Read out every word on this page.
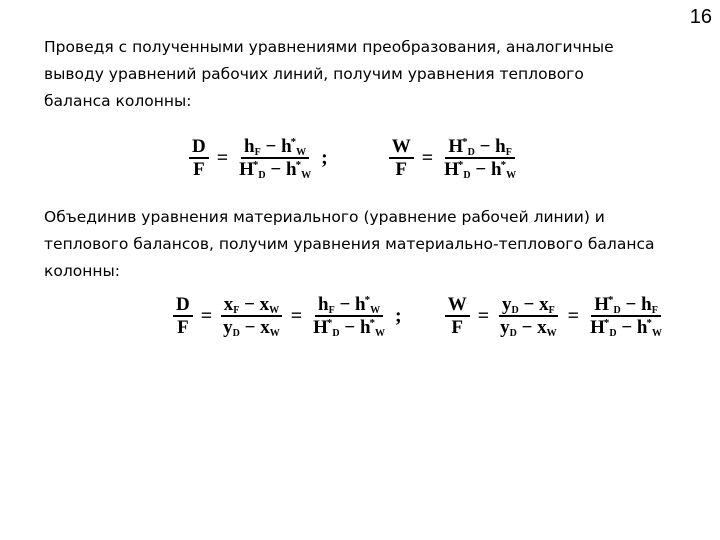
16
Проведя с полученными уравнениями преобразования, аналогичные
выводу уравнений рабочих линий, получим уравнения теплового
баланса колонны:
$\frac{D}{F} = \frac{h_F - h^*_W}{H^*_D - h^*_W}$ ;	$\frac{W}{F} = \frac{H^*_D - h_F}{H^*_D - h^*_W}$
Объединив уравнения материального (уравнение рабочей линии) и
теплового балансов, получим уравнения материально-теплового баланса
колонны:
$\frac{D}{F} = \frac{x_F - x_W}{y_D - x_W} = \frac{h_F - h^*_W}{H^*_D - h^*_W}$ ; $\frac{W}{F} = \frac{y_D - x_F}{y_D - x_W} = \frac{H^*_D - h_F}{H^*_D - h^*_W}$
